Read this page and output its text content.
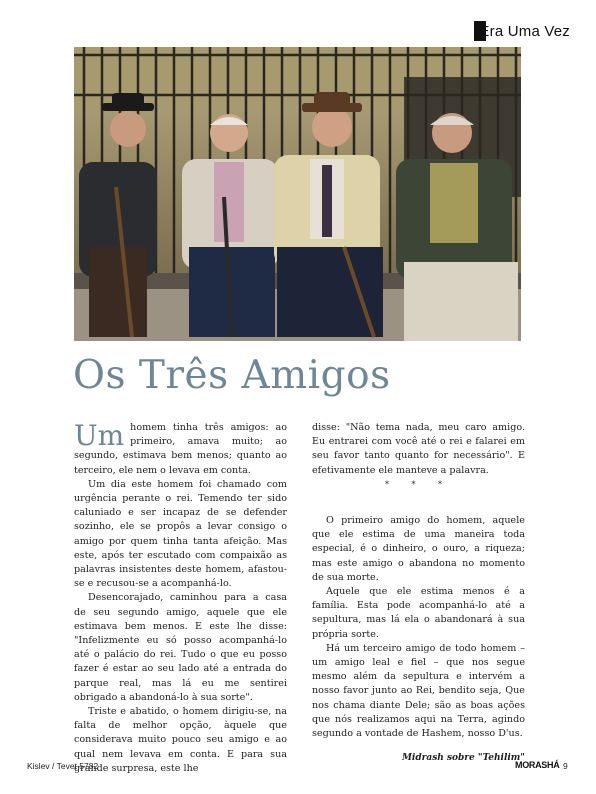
Era Uma Vez
Os Três Amigos

Um homem tinha três amigos: ao primeiro, amava muito; ao segundo, estimava bem menos; quanto ao terceiro, ele nem o levava em conta.

Um dia este homem foi chamado com urgência perante o rei. Temendo ter sido caluniado e ser incapaz de se defender sozinho, ele se propôs a levar consigo o amigo por quem tinha tanta afeição. Mas este, após ter escutado com compaixão as palavras insistentes deste homem, afastou-se e recusou-se a acompanhá-lo.

Desencorajado, caminhou para a casa de seu segundo amigo, aquele que ele estimava bem menos. E este lhe disse: "Infelizmente eu só posso acompanhá-lo até o palácio do rei. Tudo o que eu posso fazer é estar ao seu lado até a entrada do parque real, mas lá eu me sentirei obrigado a abandoná-lo à sua sorte".

Triste e abatido, o homem dirigiu-se, na falta de melhor opção, àquele que considerava muito pouco seu amigo e ao qual nem levava em conta. E para sua grande surpresa, este lhe

disse: "Não tema nada, meu caro amigo. Eu entrarei com você até o rei e falarei em seu favor tanto quanto for necessário". E efetivamente ele manteve a palavra.

* * *

O primeiro amigo do homem, aquele que ele estima de uma maneira toda especial, é o dinheiro, o ouro, a riqueza; mas este amigo o abandona no momento de sua morte.

Aquele que ele estima menos é a família. Esta pode acompanhá-lo até a sepultura, mas lá ela o abandonará à sua própria sorte.

Há um terceiro amigo de todo homem – um amigo leal e fiel – que nos segue mesmo além da sepultura e intervém a nosso favor junto ao Rei, bendito seja, Que nos chama diante Dele; são as boas ações que nós realizamos aqui na Terra, agindo segundo a vontade de Hashem, nosso D'us.

Midrash sobre "Tehilim"

Kislev / Tevet 5782	MORASHÁ 9
